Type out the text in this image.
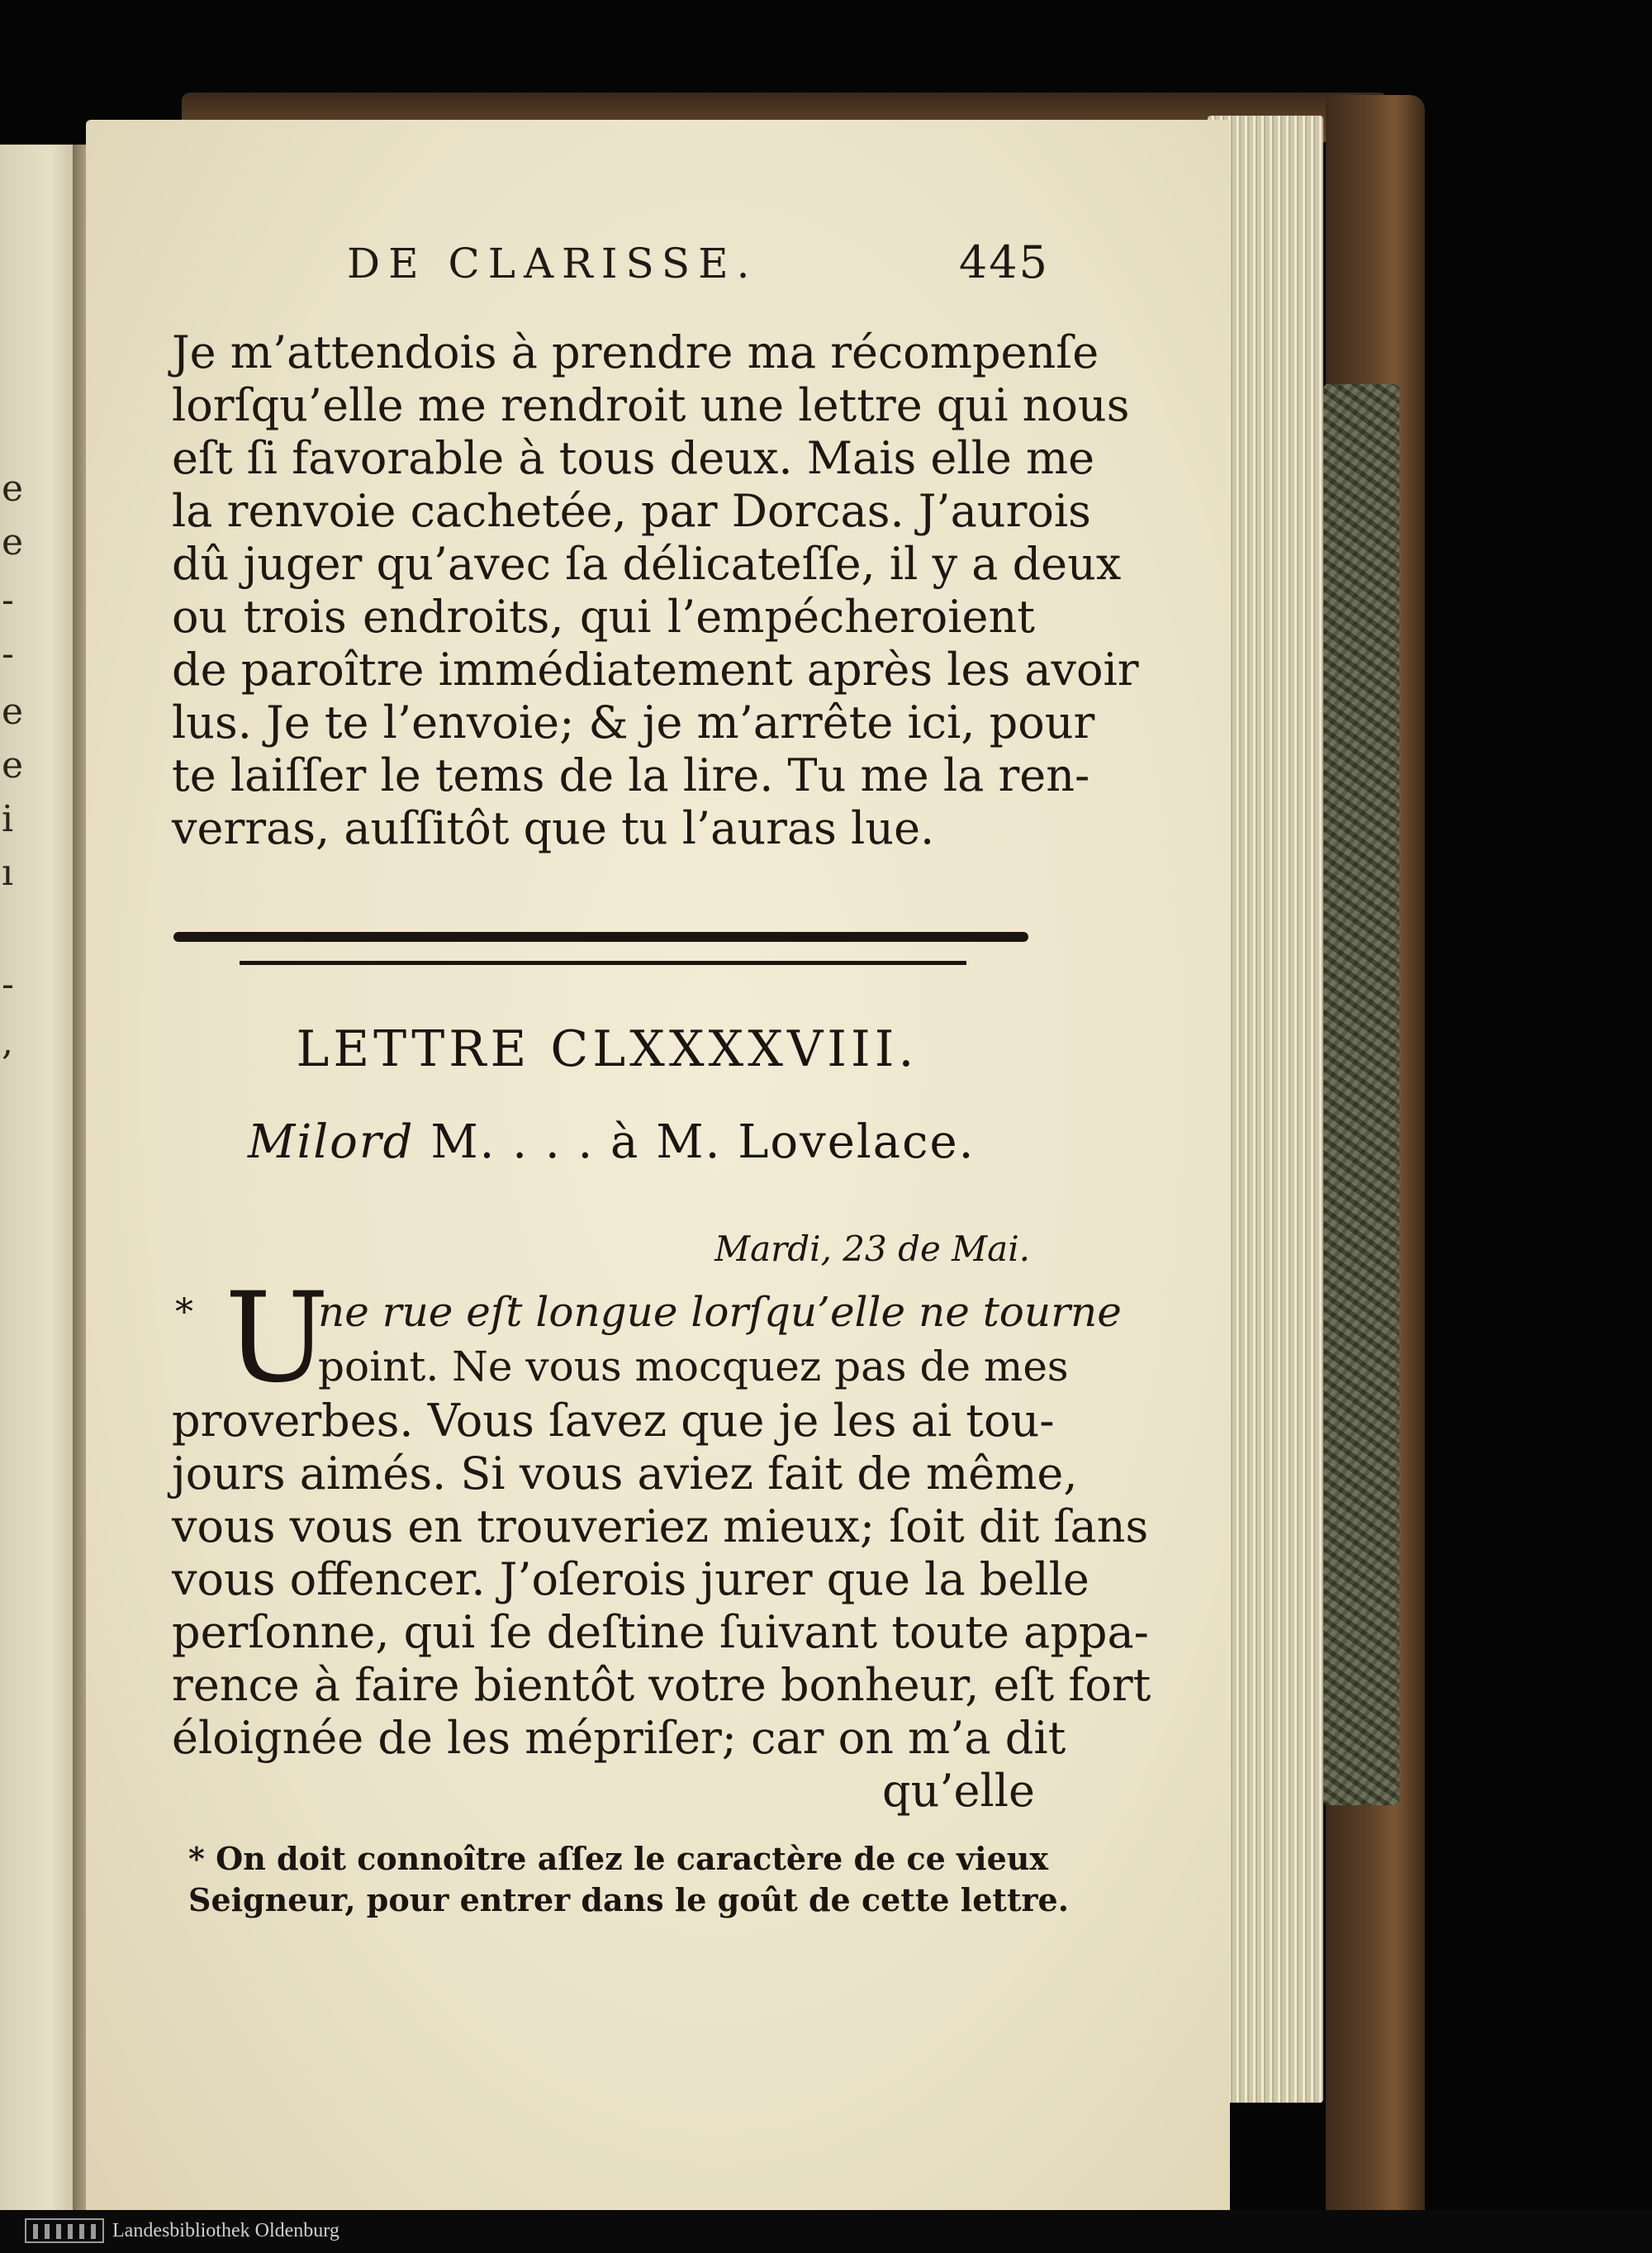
e
e
-
-
e
e
i
ı
-
,
DE CLARISSE.	445
Je m’attendois à prendre ma récompenſe
lorſqu’elle me rendroit une lettre qui nous
eſt ſi favorable à tous deux. Mais elle me
la renvoie cachetée, par Dorcas. J’aurois
dû juger qu’avec ſa délicateſſe, il y a deux
ou trois endroits, qui l’empécheroient
de paroître immédiatement après les avoir
lus. Je te l’envoie; & je m’arrête ici, pour
te laiſſer le tems de la lire. Tu me la ren-
verras, auſſitôt que tu l’auras lue.
LETTRE CLXXXXVIII.
Milord M. . . . à M. Lovelace.
Mardi, 23 de Mai.
* U
ne rue eſt longue lorſqu’elle ne tourne
point. Ne vous mocquez pas de mes
proverbes. Vous ſavez que je les ai tou-
jours aimés. Si vous aviez fait de même,
vous vous en trouveriez mieux; ſoit dit ſans
vous offencer. J’oſerois jurer que la belle
perſonne, qui ſe deſtine ſuivant toute appa-
rence à faire bientôt votre bonheur, eſt fort
éloignée de les mépriſer; car on m’a dit
qu’elle
* On doit connoître aſſez le caractère de ce vieux
Seigneur, pour entrer dans le goût de cette lettre.
Landesbibliothek Oldenburg
